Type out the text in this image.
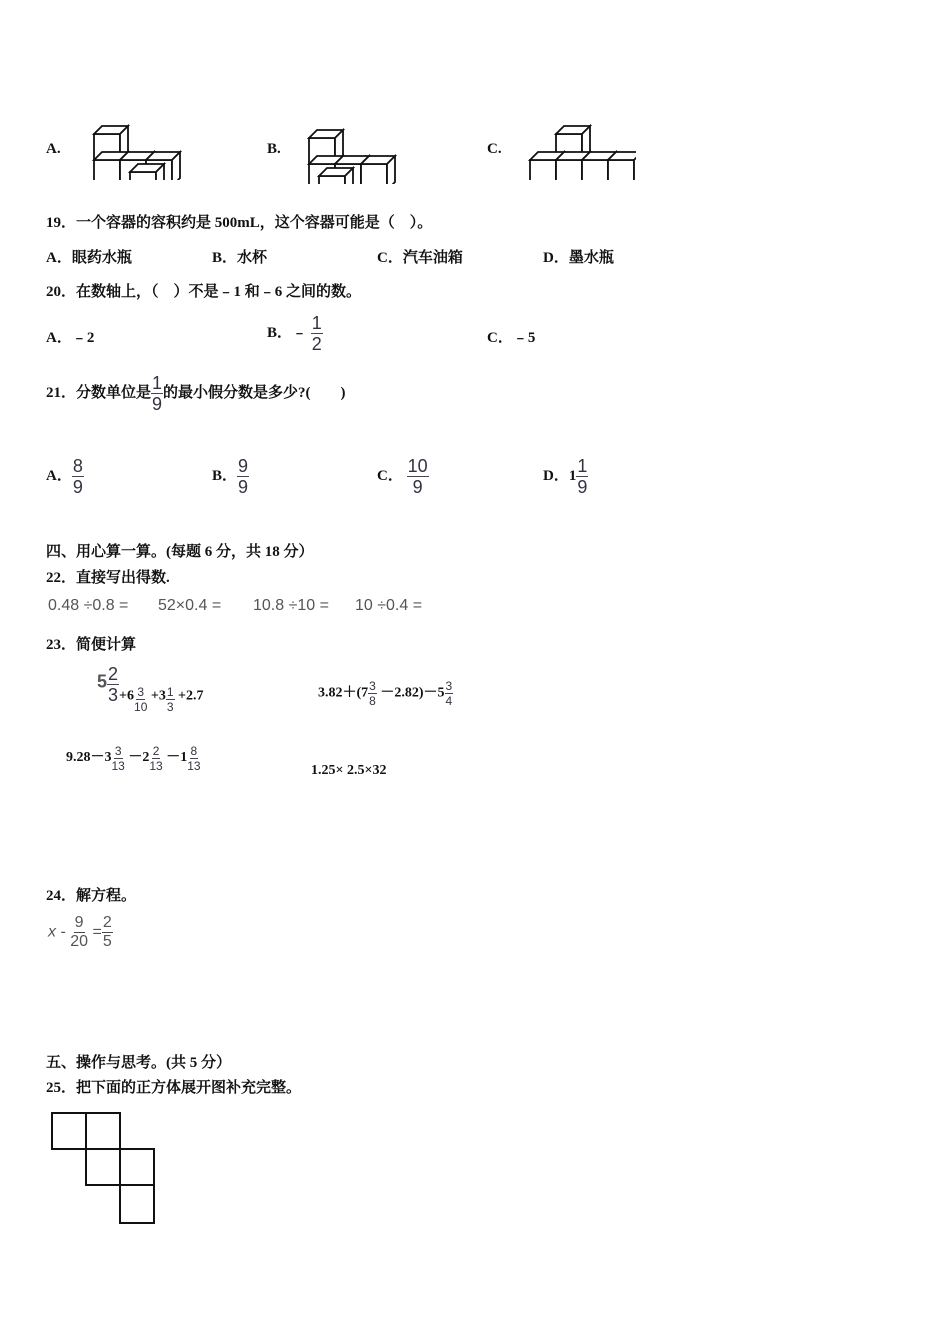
A.	B.	C.
19．一个容器的容积约是 500mL，这个容器可能是（　）。
A．眼药水瓶	B．水杯	C．汽车油箱	D．墨水瓶
20．在数轴上，（　）不是﹣1 和﹣6 之间的数。
A．﹣2	B．﹣ $\frac{1}{2}$	C．﹣5
21．分数单位是 $\frac{1}{9}$ 的最小假分数是多少?(　　)
A． $\frac{8}{9}$	B． $\frac{9}{9}$	C． $\frac{10}{9}$	D．$1 \frac{1}{9}$
四、用心算一算。(每题 6 分，共 18 分）
22．直接写出得数.
0.48 ÷0.8 = 52×0.4 = 10.8 ÷10 = 10 ÷0.4 =
23．简便计算
$5 \frac{2}{3} +6 \frac{3}{10} +3 \frac{1}{3} +2.7$	$3.82+(7 \frac{3}{8} -2.82)-5 \frac{3}{4}$
$9.28-3 \frac{3}{13} -2 \frac{2}{13} -1 \frac{8}{13}$	1.25× 2.5×32
24．解方程。
$x - \frac{9}{20} = \frac{2}{5}$
五、操作与思考。(共 5 分）
25．把下面的正方体展开图补充完整。
